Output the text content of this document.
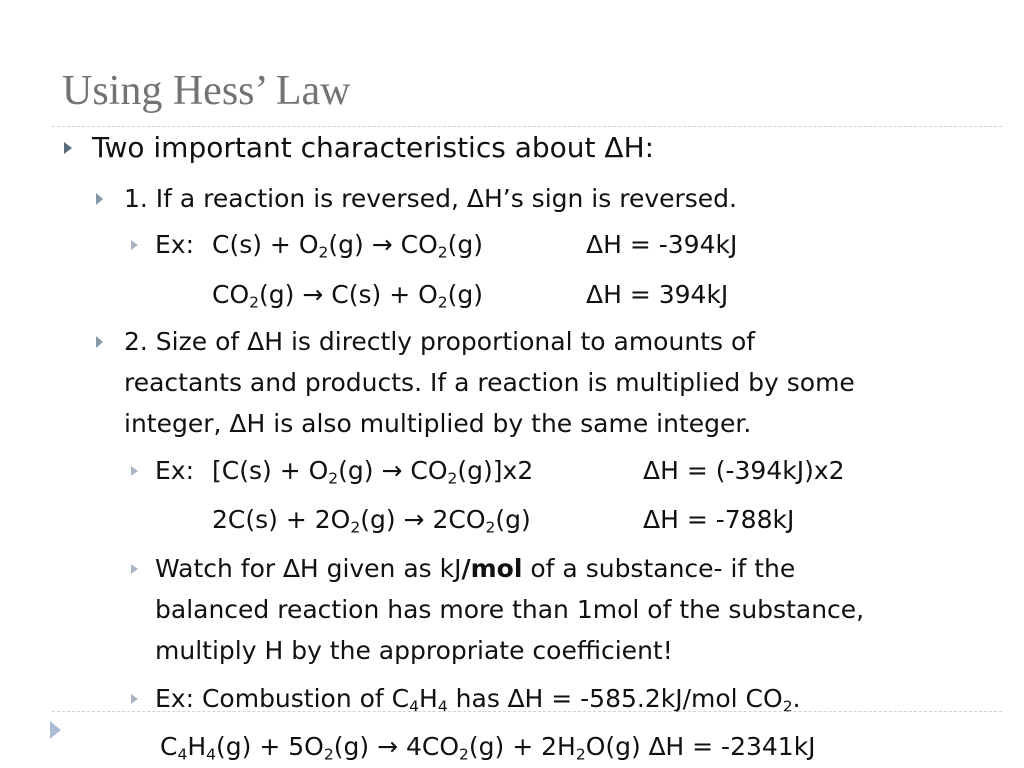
Using Hess’ Law
Two important characteristics about ΔH:
1. If a reaction is reversed, ΔH’s sign is reversed.
Ex: $C(s) + O_2(g) \to CO_2(g)$	ΔH = -394kJ
$CO_2(g) \to C(s) + O_2(g)$	ΔH = 394kJ
2. Size of ΔH is directly proportional to amounts of
reactants and products. If a reaction is multiplied by some
integer, ΔH is also multiplied by the same integer.
Ex: $[C(s) + O_2(g) \to CO_2(g)]x2$	ΔH = (-394kJ)x2
$2C(s) + 2O_2(g) \to 2CO_2(g)$	ΔH = -788kJ
Watch for ∆H given as kJ/mol of a substance- if the
balanced reaction has more than 1mol of the substance,
multiply H by the appropriate coefficient!
Ex: Combustion of $C_4H_4$ has ∆H = -585.2kJ/mol $CO_2$.
$C_4H_4(g) + 5O_2(g) \to 4CO_2(g) + 2H_2O(g) \Delta H = -2341kJ$
